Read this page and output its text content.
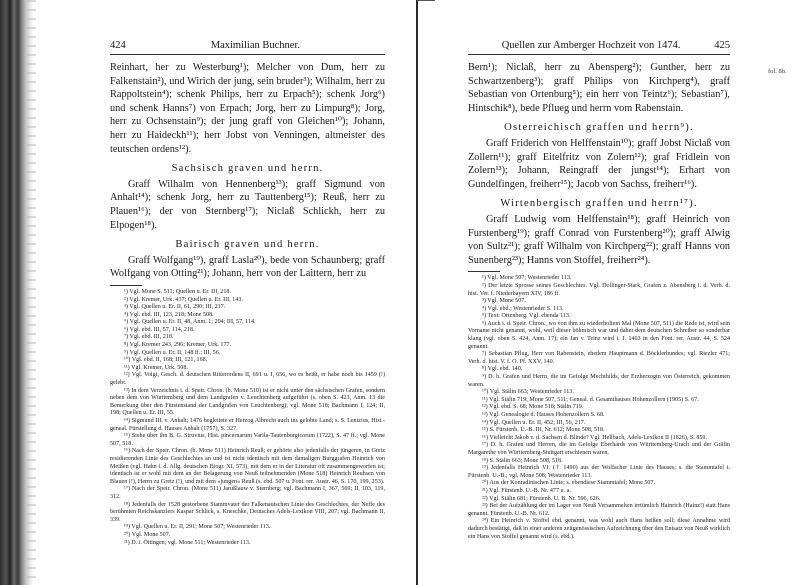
424	Maximilian Buchner.

Reinhart, her zu Westerburg¹); Melcher von Dum, herr zu Falkenstain²), und Wirich der jung, sein bruder³); Wilhalm, herr zu Rappoltstein⁴); schenk Philips, herr zu Erpach⁵); schenk Jorg⁶) und schenk Hanns⁷) von Erpach; Jorg, herr zu Limpurg⁸); Jorg, herr zu Ochsenstain⁹); der jung graff von Gleichen¹⁰); Johann, herr zu Haideckh¹¹); herr Jobst von Venningen, altmeister des teutschen ordens¹²).

Sachsisch graven und herrn.

Graff Wilhalm von Hennenberg¹³); graff Sigmund von Anhalt¹⁴); schenk Jorg, herr zu Tauttenberg¹⁵); Reuß, herr zu Plauen¹⁶); der von Sternberg¹⁷); Niclaß Schlickh, herr zu Elpogen¹⁸).

Bairisch graven und herrn.

Graff Wolfgang¹⁹), graff Lasla²⁰), bede von Schaunberg; graff Wolfgang von Otting²¹); Johann, herr von der Laittern, herr zu

¹) Vgl. Mone S. 511; Quellen u. Er. III, 218.
²) Vgl. Kremer, Urk. 437; Quellen u. Er. III, 143.
³) Vgl. Quellen u. Er. II, 61, 290; III, 217.
⁴) Vgl. ebd. III, 123, 218; Mone 508.
⁵) Vgl. Quellen u. Er. II, 48, Anm. 1; 204; III, 57, 114.
⁶) Vgl. ebd. III, 57, 114, 218.
⁷) Vgl. ebd. III, 218.
⁸) Vgl. Kremer 243, 296; Kremer, Urk. 177.
⁹) Vgl. Quellen u. Er. II, 148 ff.; III, 56.
¹⁰) Vgl. ebd. II, 168; III, 121, 168.
¹¹) Vgl. Kremer, Urk. 508.
¹²) Vgl. Voigt, Gesch. d. deutschen Ritterordens II, 691 u. I, 656, wo es heißt, er habe noch bis 1459 (!) gelebt.
¹³) In dem Verzeichnis i. d. Speir. Chron. (b. Mone 510) ist er nicht unter den sächsischen Grafen, sondern neben dem von Württemberg und dem Landgrafen v. Leuchtenberg aufgeführt (s. oben S. 423, Anm. 13 die Bemerkung über den Fürstenstand der Landgrafen von Leuchtenberg); vgl. Mone 518; Bachmann I, 124; II, 198; Quellen u. Er. III, 55.
¹⁴) Sigmund III. v. Anhalt; 1476 begleitete er Herzog Albrecht auch ins gelobte Land; s. S. Lentzius, Hist.-geneal. Fürstellung d. Hauses Anhalt (1757), S. 327.
¹⁵) Siehe über ihn B. G. Struvius, Hist. pincernarum Varila-Tautenburgicorum (1722), S. 47 ff.; vgl. Mone 507, 518.
¹⁶) Nach der Speir. Chron. (b. Mone 511) Heinrich Reuß; er gehörte also jedenfalls der jüngeren, in Greiz residierenden Linie des Geschlechtes an und ist nicht identisch mit dem damaligen Burggrafen Heinrich von Meißen (vgl. Hahn i. d. Allg. deutschen Biogr. XI, 573), mit dem er in der Literatur oft zusammengeworfen ist; identisch ist er wohl mit dem an der Belagerung von Neuß teilnehmenden (Mone 518) Heinrich Reuhsen von Blauen (!), Herrn zu Gretz (!), und mit dem »jungen« Reuß (s. ebd. 507 u. Font. rer. Austr. 46, S. 170, 199, 253).
¹⁷) Nach der Speir. Chron. (Mone 511) Jarußlauw v. Sternberg; vgl. Bachmann I, 367, 569; II, 103, 119, 312.
¹⁸) Jedenfalls der 1528 gestorbene Stammvater der Falkenauischen Linie des Geschlechtes, der Neffe des berühmten Reichskanzlers Kaspar Schlick, s. Kneschke, Deutsches Adels-Lexikon VIII, 207; vgl. Bachmann II, 339.
¹⁹) Vgl. Quellen u. Er. II, 291; Mone 507; Westenrieder 113.
²⁰) Vgl. Mone 507.
²¹) D. i. Öttingen; vgl. Mone 511; Westenrieder 113.
Quellen zur Amberger Hochzeit von 1474.	425

Bern¹); Niclaß, herr zu Abensperg²); Gunther, herr zu Schwartzenberg³); graff Philips von Kirchperg⁴), graff Sebastian von Ortenburg⁵); ein herr von Teintz⁶); Sebastian⁷), Hintschik⁸), bede Pflueg und herrn vom Rabenstain.

Osterreichisch graffen und herrn⁹).

Graff Friderich von Helffenstain¹⁰); graff Jobst Niclaß von Zollern¹¹); graff Eitelfritz von Zolern¹²); graf Fridlein von Zolern¹³); Johann, Reingraff der jungst¹⁴); Erhart von Gundelfingen, freiherr¹⁵); Jacob von Sachss, freiherr¹⁶).

Wirtenbergisch graffen und herrn¹⁷).

Graff Ludwig vom Helffenstain¹⁸); graff Heinrich von Furstenberg¹⁹); graff Conrad von Furstenberg²⁰); graff Alwig von Sultz²¹); graff Wilhalm von Kirchperg²²); graff Hanns von Sunenberg²³); Hanns von Stoffel, freiherr²⁴).

¹) Vgl. Mone 507; Westenrieder 113.
²) Der letzte Sprosse seines Geschlechtes. Vgl. Dollinger-Stark, Grafen z. Abensberg i. d. Verh. d. hist. Ver. f. Niederbayern XIV, 186 ff.
³) Vgl. Mone 507.
⁴) Vgl. ebd.; Westenrieder S. 113.
⁵) Text: Ortenberg. Vgl. ebenda 113.
⁶) Auch i. d. Speir. Chron., wo von ihm zu wiederholtem Mal (Mone 507, 511) die Rede ist, wird sein Vorname nicht genannt, wohl, weil dieser böhmisch war und daher dem deutschen Schreiber so sonderbar klang (vgl. oben S. 424, Anm. 17); ein Jan v. Teinz wird i. J. 1463 in den Font. rer. Austr. 44, S. 524 genannt.
⁷) Sebastian Pflug, Herr von Rabenstein, ehedem Hauptmann d. Böcklerbundes; vgl. Riezler 471; Verh. d. hist. V. f. O. Pf. XXV, 140.
⁸) Vgl. ebd. 140.
⁹) D. h. Grafen und Herrn, die im Gefolge Mechthilds, der Erzherzogin von Österreich, gekommen waren.
¹⁰) Vgl. Stälin 663; Westenrieder 113.
¹¹) Vgl. Stälin 719; Mone 507, 511; Geneal. d. Gesamthauses Hohenzollern (1905) S. 67.
¹²) Vgl. ebd. S. 68; Mone 518; Stälin 719.
¹³) Vgl. Genealogie d. Hauses Hohenzollern S. 68.
¹⁴) Vgl. Quellen u. Er. II, 452; III, 56, 217.
¹⁵) S. Fürstenb. U.-B. III, Nr. 612; Mone 508, 518.
¹⁶) Vielleicht Jakob v. d. Sachsen d. Blinde? Vgl. Hellbach, Adels-Lexikon II (1826), S. 859.
¹⁷) D. h. Grafen und Herren, die im Gefolge Eberhards von Württemberg-Urach und der Gräfin Margarethe von Württemberg-Stuttgart erschienen waren.
¹⁸) S. Stälin 663; Mone 508, 518.
¹⁹) Jedenfalls Heinrich VI. († 1490) aus der Wolfacher Linie des Hauses; s. die Stammtafel i. Fürstenb. U.-B.; vgl. Mone 508; Westenrieder 113.
²⁰) Aus der Konradinischen Linie; s. ebendiese Stammtafel; Mone 507.
²¹) Vgl. Fürstenb. U.-B. Nr. 477 u. a.
²²) Vgl. Stälin 681; Fürstenb. U. B. Nr. 596, 626.
²³) Bei der Aufzählung der im Lager von Neuß Versammelten irrtümlich Hainrich (Hainz!) statt Hans genannt. Fürstenb. U.-B. Nr. 612.
²⁴) Ein Heinrich v. Stoffel ebd. genannt, was wohl auch Hans heißen soll; diese Annahme wird dadurch bestätigt, daß in einer anderen zeitgenössischen Aufzeichnung über den Entsatz von Neuß wirklich ein Hans von Stoffel genannt wird (s. ebd.).
fol. 8b.
